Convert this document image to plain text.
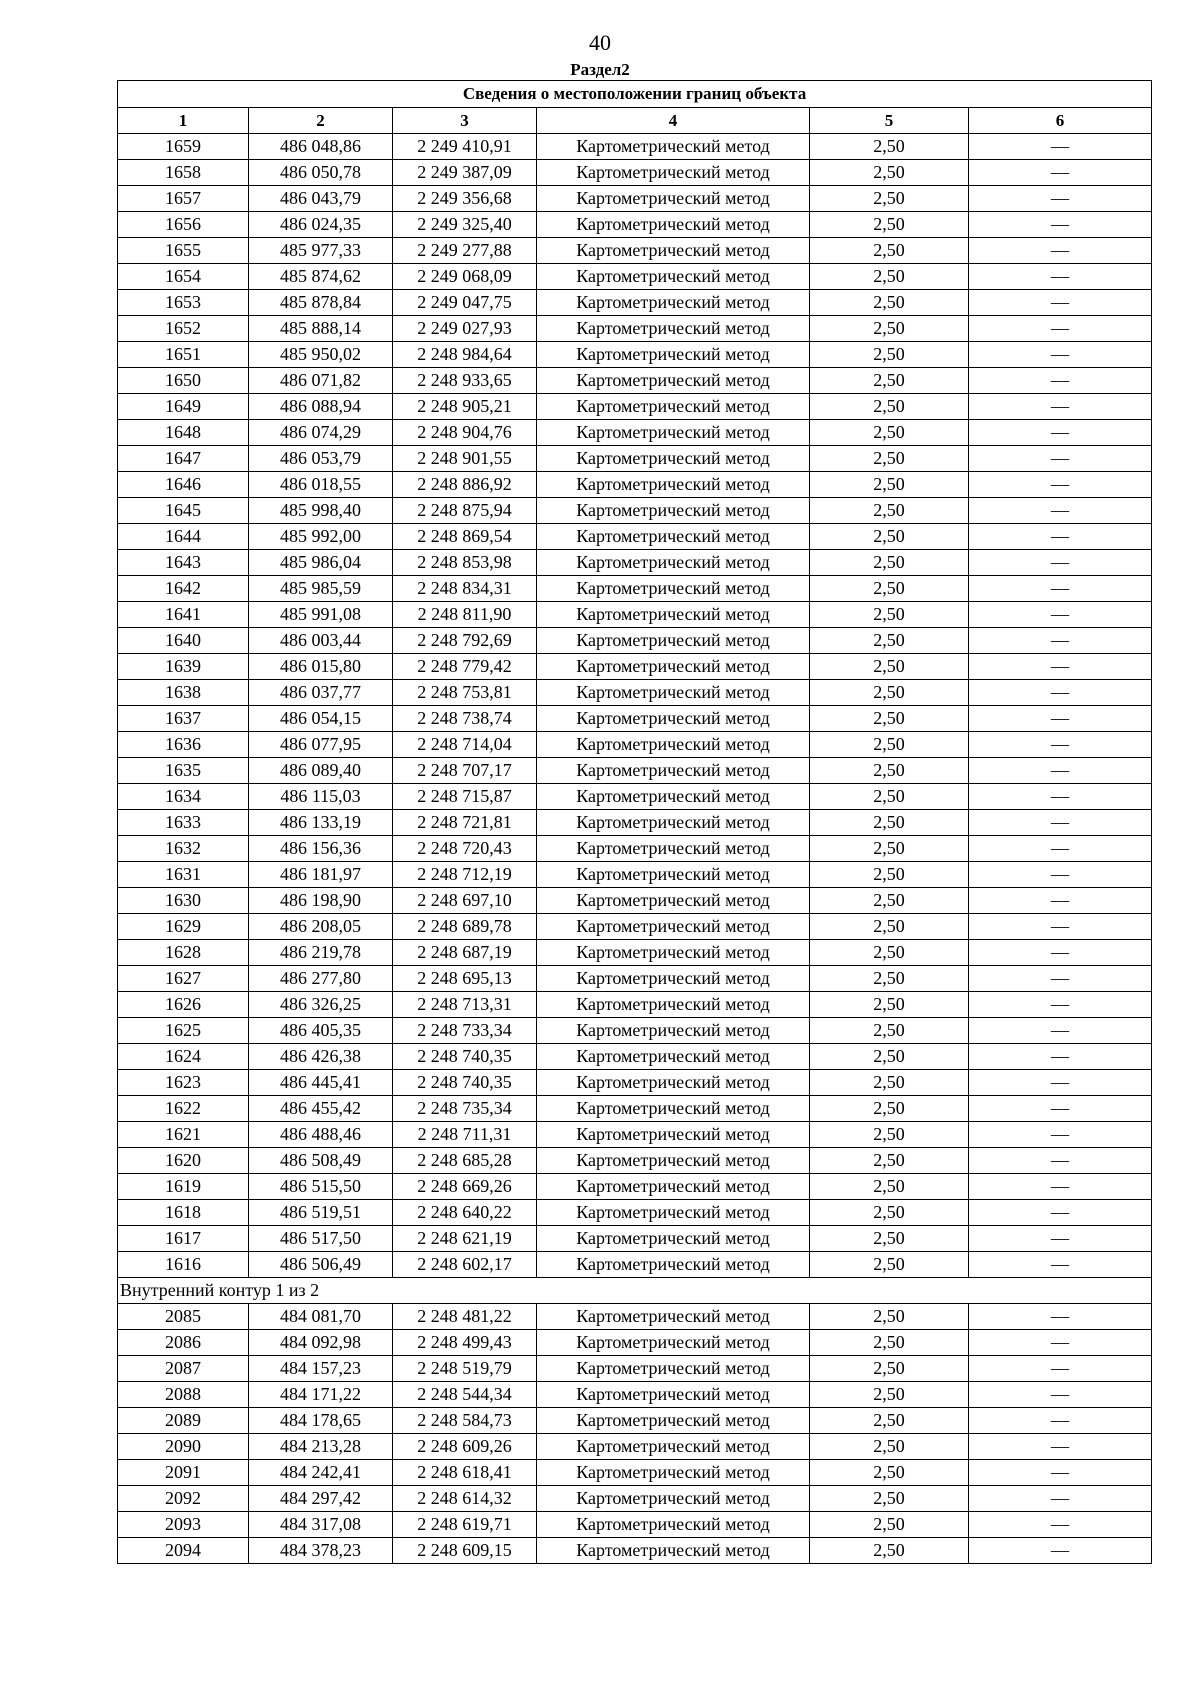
40
Раздел2
Сведения о местоположении границ объекта					
1	2	3	4	5	6
1659	486 048,86	2 249 410,91	Картометрический метод	2,50	—
1658	486 050,78	2 249 387,09	Картометрический метод	2,50	—
1657	486 043,79	2 249 356,68	Картометрический метод	2,50	—
1656	486 024,35	2 249 325,40	Картометрический метод	2,50	—
1655	485 977,33	2 249 277,88	Картометрический метод	2,50	—
1654	485 874,62	2 249 068,09	Картометрический метод	2,50	—
1653	485 878,84	2 249 047,75	Картометрический метод	2,50	—
1652	485 888,14	2 249 027,93	Картометрический метод	2,50	—
1651	485 950,02	2 248 984,64	Картометрический метод	2,50	—
1650	486 071,82	2 248 933,65	Картометрический метод	2,50	—
1649	486 088,94	2 248 905,21	Картометрический метод	2,50	—
1648	486 074,29	2 248 904,76	Картометрический метод	2,50	—
1647	486 053,79	2 248 901,55	Картометрический метод	2,50	—
1646	486 018,55	2 248 886,92	Картометрический метод	2,50	—
1645	485 998,40	2 248 875,94	Картометрический метод	2,50	—
1644	485 992,00	2 248 869,54	Картометрический метод	2,50	—
1643	485 986,04	2 248 853,98	Картометрический метод	2,50	—
1642	485 985,59	2 248 834,31	Картометрический метод	2,50	—
1641	485 991,08	2 248 811,90	Картометрический метод	2,50	—
1640	486 003,44	2 248 792,69	Картометрический метод	2,50	—
1639	486 015,80	2 248 779,42	Картометрический метод	2,50	—
1638	486 037,77	2 248 753,81	Картометрический метод	2,50	—
1637	486 054,15	2 248 738,74	Картометрический метод	2,50	—
1636	486 077,95	2 248 714,04	Картометрический метод	2,50	—
1635	486 089,40	2 248 707,17	Картометрический метод	2,50	—
1634	486 115,03	2 248 715,87	Картометрический метод	2,50	—
1633	486 133,19	2 248 721,81	Картометрический метод	2,50	—
1632	486 156,36	2 248 720,43	Картометрический метод	2,50	—
1631	486 181,97	2 248 712,19	Картометрический метод	2,50	—
1630	486 198,90	2 248 697,10	Картометрический метод	2,50	—
1629	486 208,05	2 248 689,78	Картометрический метод	2,50	—
1628	486 219,78	2 248 687,19	Картометрический метод	2,50	—
1627	486 277,80	2 248 695,13	Картометрический метод	2,50	—
1626	486 326,25	2 248 713,31	Картометрический метод	2,50	—
1625	486 405,35	2 248 733,34	Картометрический метод	2,50	—
1624	486 426,38	2 248 740,35	Картометрический метод	2,50	—
1623	486 445,41	2 248 740,35	Картометрический метод	2,50	—
1622	486 455,42	2 248 735,34	Картометрический метод	2,50	—
1621	486 488,46	2 248 711,31	Картометрический метод	2,50	—
1620	486 508,49	2 248 685,28	Картометрический метод	2,50	—
1619	486 515,50	2 248 669,26	Картометрический метод	2,50	—
1618	486 519,51	2 248 640,22	Картометрический метод	2,50	—
1617	486 517,50	2 248 621,19	Картометрический метод	2,50	—
1616	486 506,49	2 248 602,17	Картометрический метод	2,50	—
Внутренний контур 1 из 2					
2085	484 081,70	2 248 481,22	Картометрический метод	2,50	—
2086	484 092,98	2 248 499,43	Картометрический метод	2,50	—
2087	484 157,23	2 248 519,79	Картометрический метод	2,50	—
2088	484 171,22	2 248 544,34	Картометрический метод	2,50	—
2089	484 178,65	2 248 584,73	Картометрический метод	2,50	—
2090	484 213,28	2 248 609,26	Картометрический метод	2,50	—
2091	484 242,41	2 248 618,41	Картометрический метод	2,50	—
2092	484 297,42	2 248 614,32	Картометрический метод	2,50	—
2093	484 317,08	2 248 619,71	Картометрический метод	2,50	—
2094	484 378,23	2 248 609,15	Картометрический метод	2,50	—
